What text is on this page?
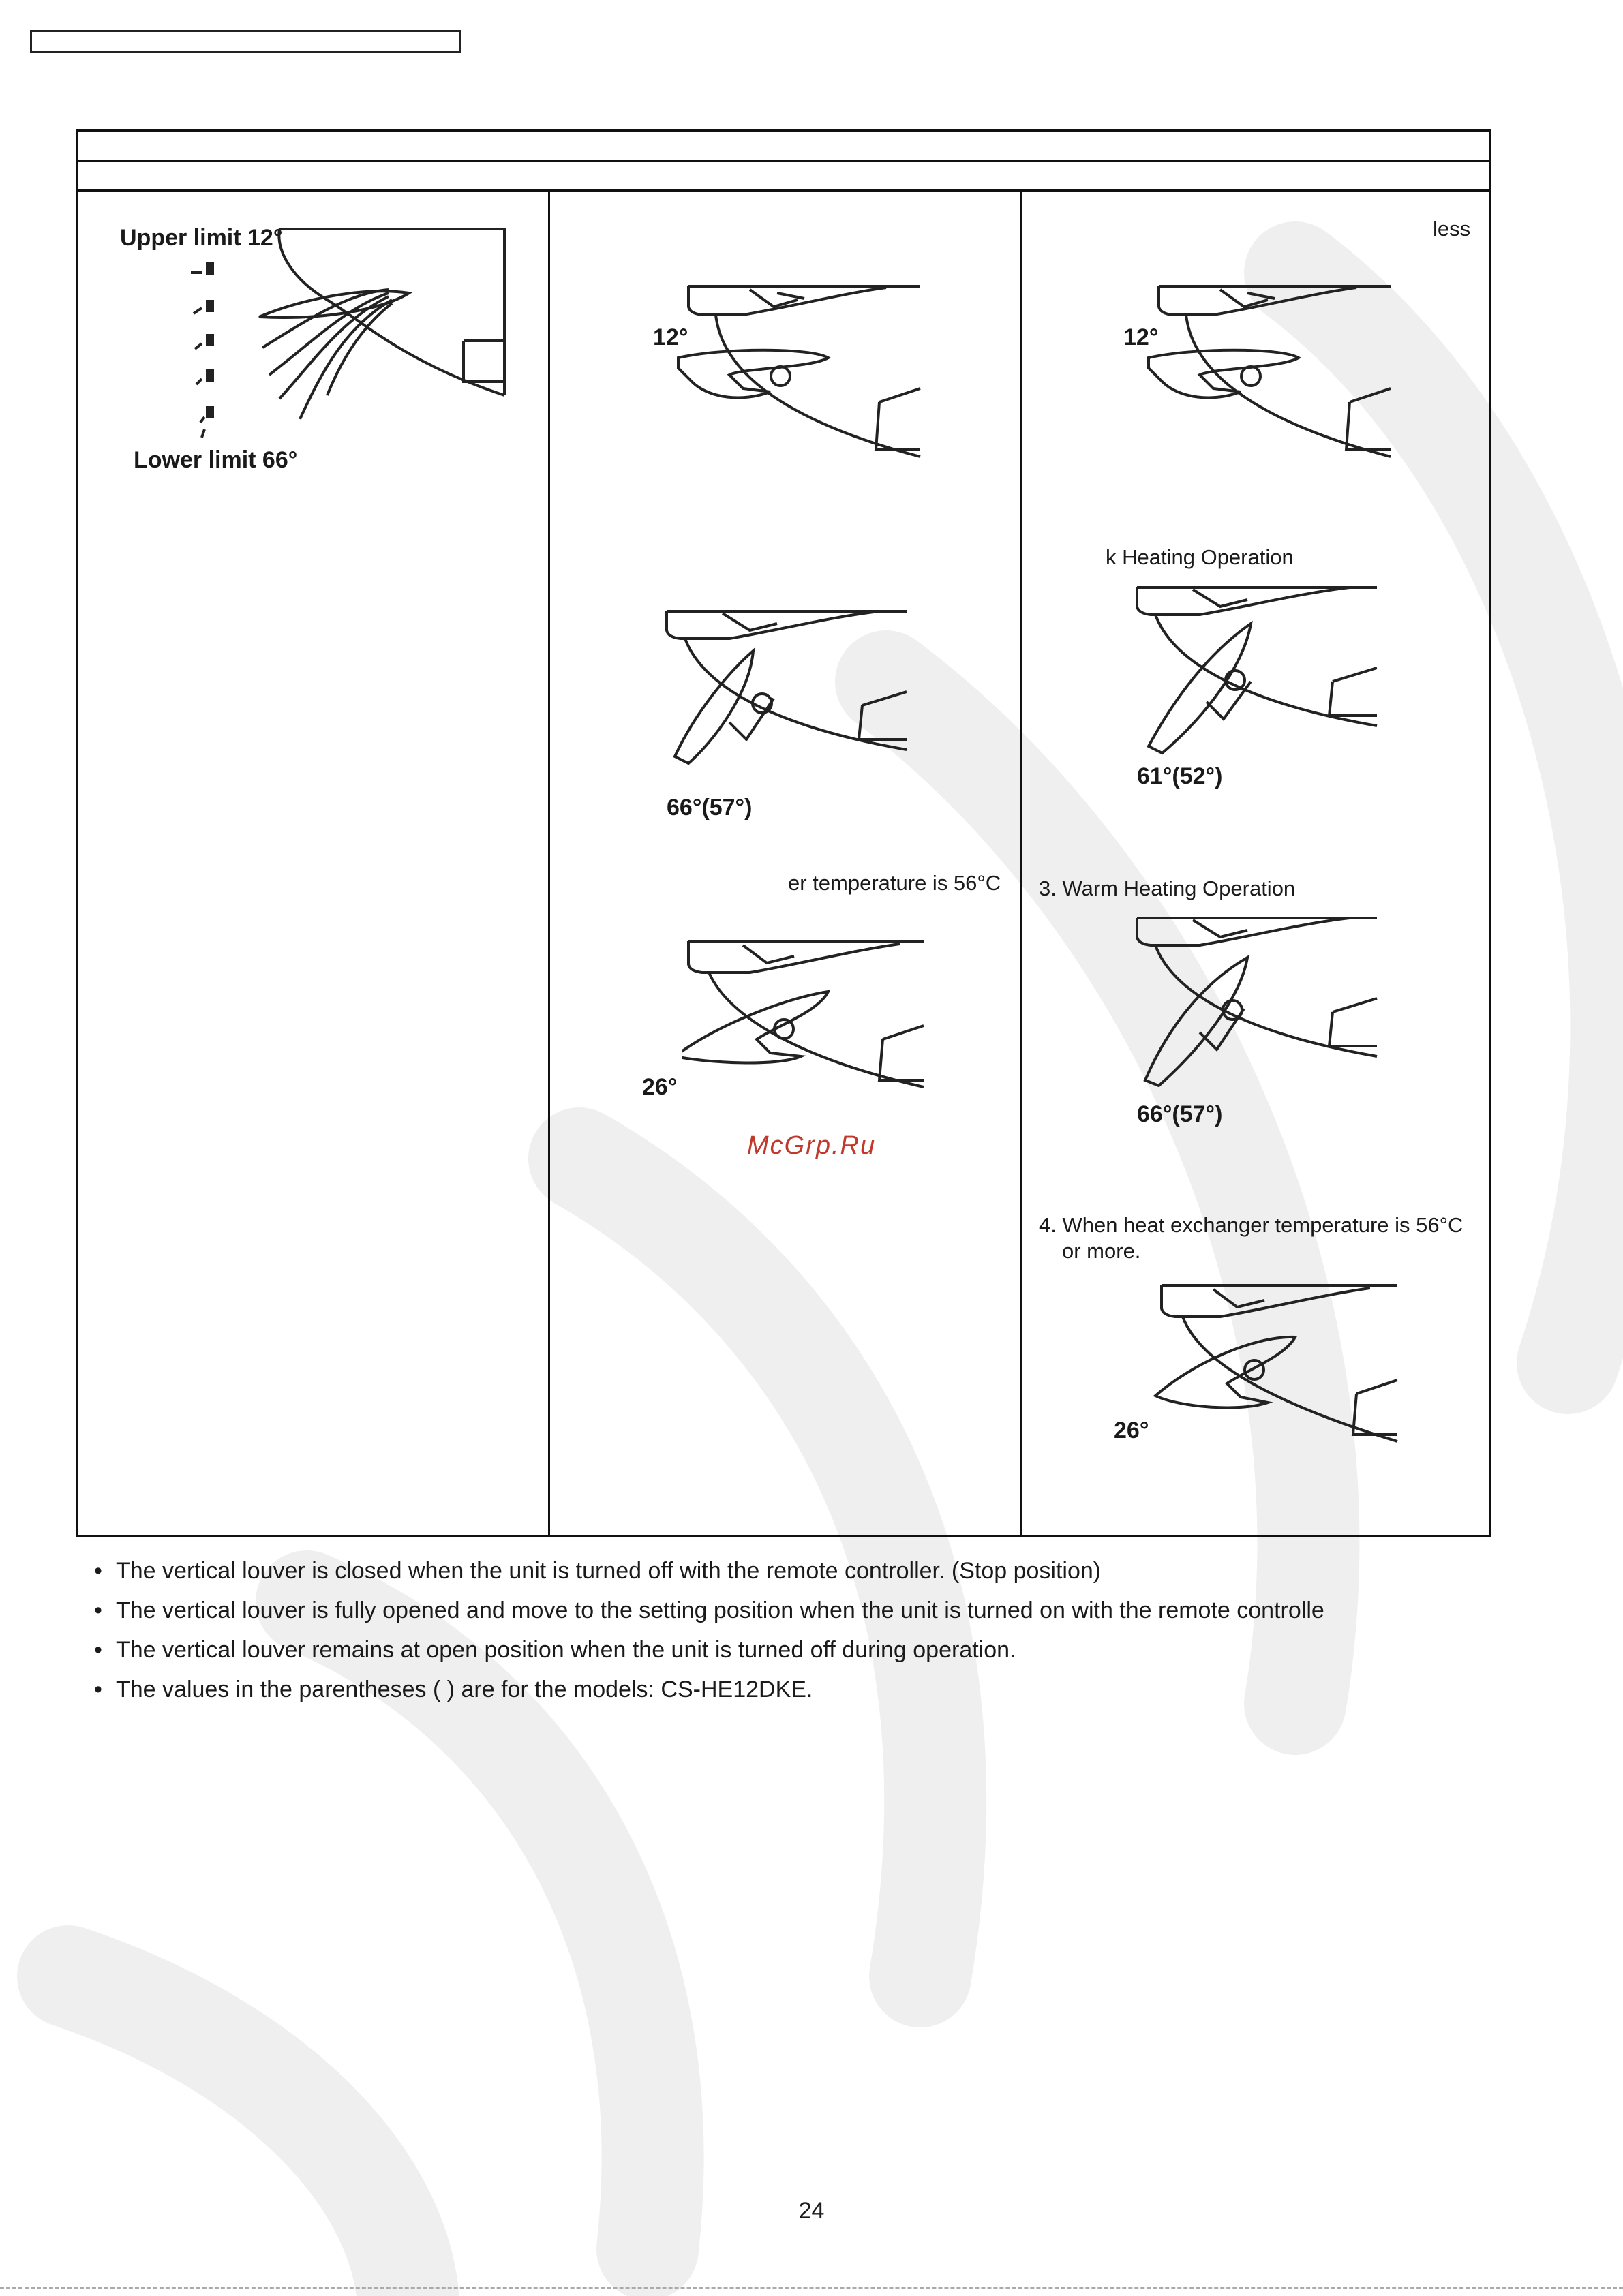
Upper limit 12°
Lower limit 66°
12°
66°(57°)
er temperature is 56°C
26°
McGrp.Ru
less
12°
k Heating Operation
61°(52°)
3. Warm Heating Operation
66°(57°)
4. When heat exchanger temperature is 56°C
or more.
26°
• The vertical louver is closed when the unit is turned off with the remote controller. (Stop position)
• The vertical louver is fully opened and move to the setting position when the unit is turned on with the remote controlle
• The vertical louver remains at open position when the unit is turned off during operation.
• The values in the parentheses ( ) are for the models: CS-HE12DKE.
24
